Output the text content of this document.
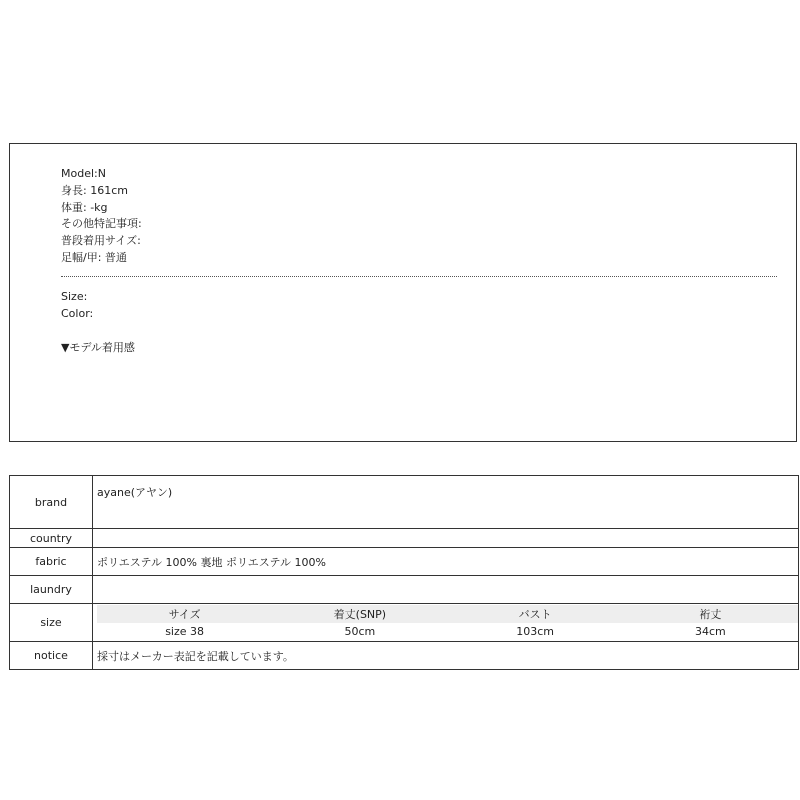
Model:N
身長: 161cm
体重: -kg
その他特記事項:
普段着用サイズ:
足幅/甲: 普通
Size:
Color:
▼モデル着用感
brand	ayane(アヤン)
country	
fabric	ポリエステル 100% 裏地 ポリエステル 100%
laundry	
size	
サイズ	着丈(SNP)	バスト	裄丈
size 38	50cm	103cm	34cm

notice	採寸はメーカー表記を記載しています。
